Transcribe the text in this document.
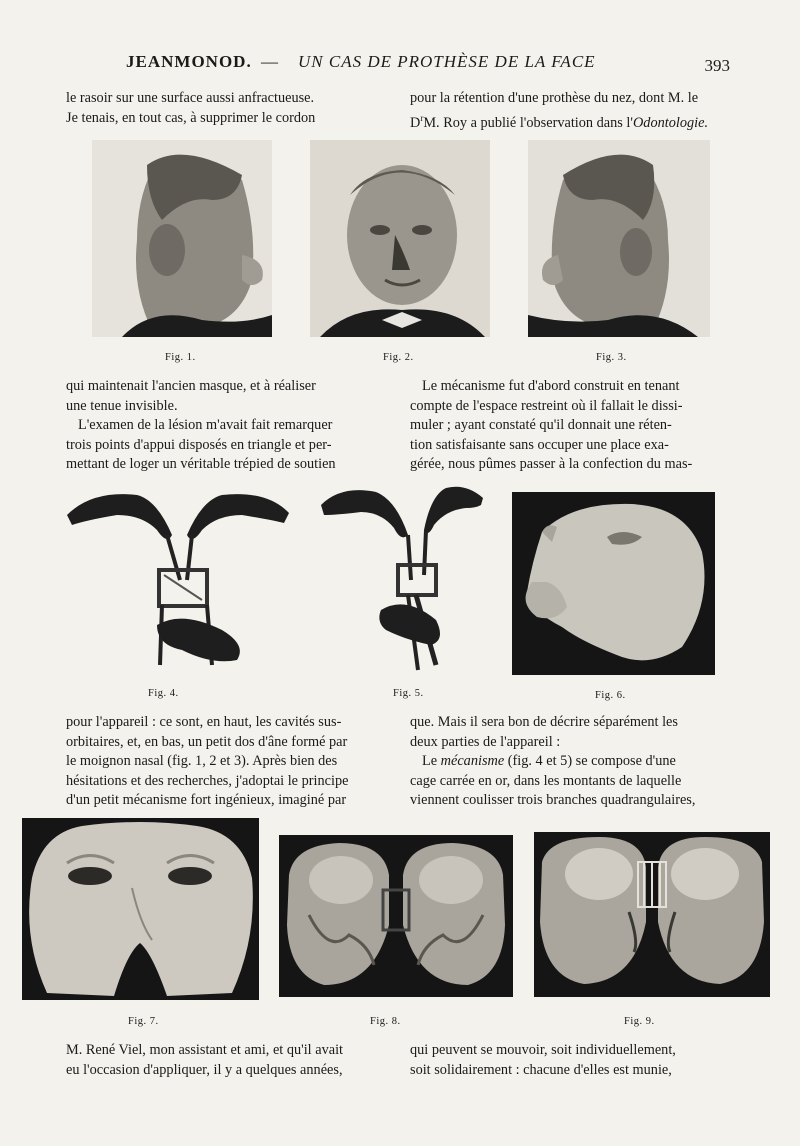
JEANMONOD. — UN CAS DE PROTHÈSE DE LA FACE	393
le rasoir sur une surface aussi anfractueuse.
Je tenais, en tout cas, à supprimer le cordon
pour la rétention d'une prothèse du nez, dont M. le
$D^rM$. Roy a publié l'observation dans l'Odontologie.
Fig. 1.	Fig. 2.	Fig. 3.
qui maintenait l'ancien masque, et à réaliser
une tenue invisible.
L'examen de la lésion m'avait fait remarquer
trois points d'appui disposés en triangle et per-
mettant de loger un véritable trépied de soutien
Le mécanisme fut d'abord construit en tenant
compte de l'espace restreint où il fallait le dissi-
muler ; ayant constaté qu'il donnait une réten-
tion satisfaisante sans occuper une place exa-
gérée, nous pûmes passer à la confection du mas-
Fig. 4.	Fig. 5.	Fig. 6.
pour l'appareil : ce sont, en haut, les cavités sus-
orbitaires, et, en bas, un petit dos d'âne formé par
le moignon nasal (fig. 1, 2 et 3). Après bien des
hésitations et des recherches, j'adoptai le principe
d'un petit mécanisme fort ingénieux, imaginé par
que. Mais il sera bon de décrire séparément les
deux parties de l'appareil :
Le mécanisme (fig. 4 et 5) se compose d'une
cage carrée en or, dans les montants de laquelle
viennent coulisser trois branches quadrangulaires,
Fig. 7.	Fig. 8.	Fig. 9.
M. René Viel, mon assistant et ami, et qu'il avait
eu l'occasion d'appliquer, il y a quelques années,
qui peuvent se mouvoir, soit individuellement,
soit solidairement : chacune d'elles est munie,
